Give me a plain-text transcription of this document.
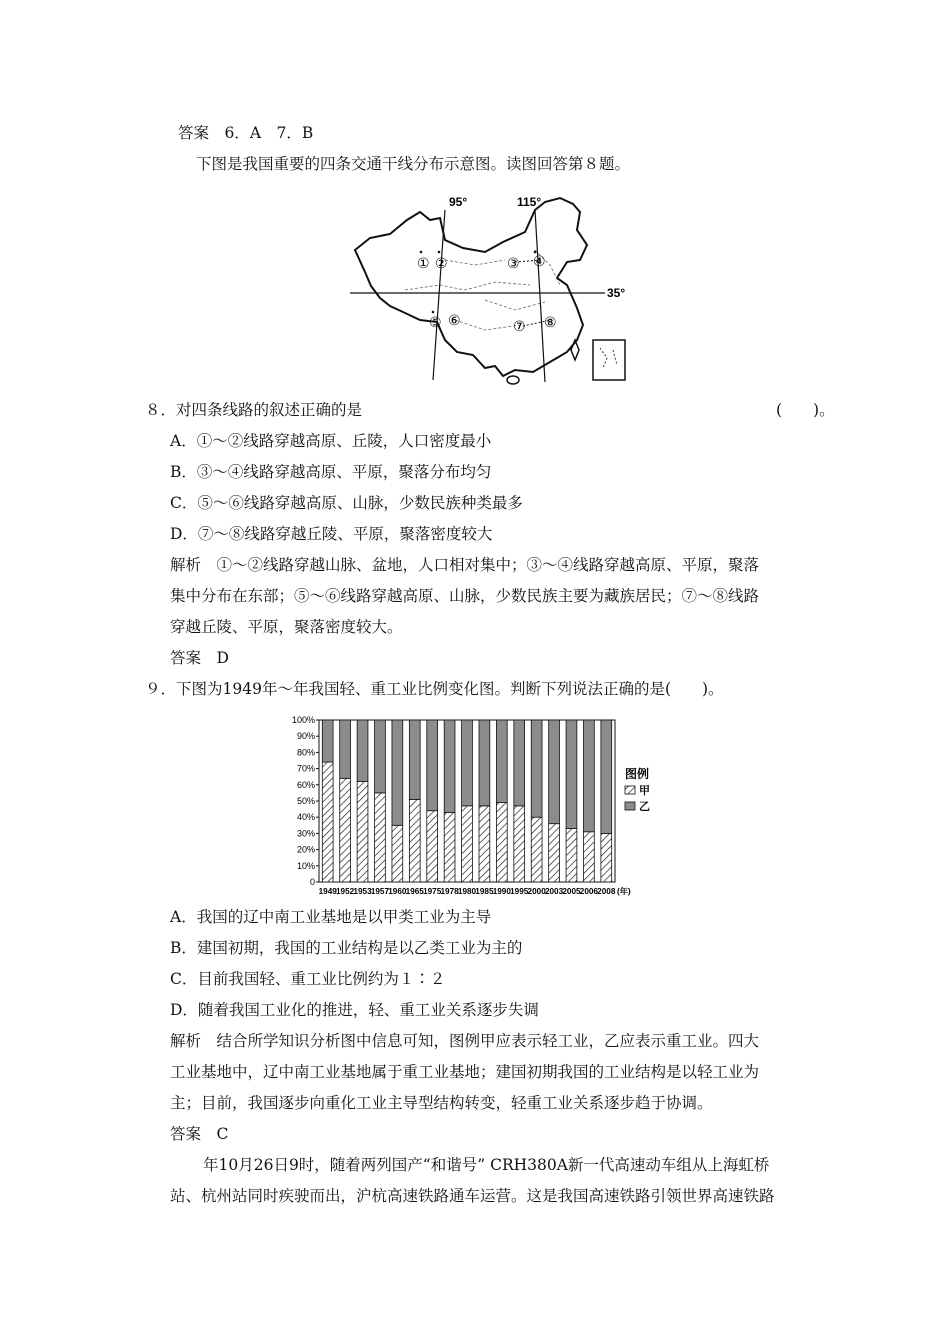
答案　6．A　7．B
下图是我国重要的四条交通干线分布示意图。读图回答第８题。
95°	115°
35°
① ②	③ ④
⑤ ⑥	⑦ ⑧
８．对四条线路的叙述正确的是	(　　)。
A．①～②线路穿越高原、丘陵，人口密度最小
B．③～④线路穿越高原、平原，聚落分布均匀
C．⑤～⑥线路穿越高原、山脉，少数民族种类最多
D．⑦～⑧线路穿越丘陵、平原，聚落密度较大
解析　①～②线路穿越山脉、盆地，人口相对集中；③～④线路穿越高原、平原，聚落
集中分布在东部；⑤～⑥线路穿越高原、山脉，少数民族主要为藏族居民；⑦～⑧线路
穿越丘陵、平原，聚落密度较大。
答案　D
９．下图为1949年～年我国轻、重工业比例变化图。判断下列说法正确的是(　　)。
0
10%
20%
30%
40%
50%
60%
70%
80%
90%
100%
1949 1952 1953 1957 1960 1965 1975 1978 1980 1985 1990 1995 2000 2003 2005 2006 2008 (年)
图例
甲
乙
A．我国的辽中南工业基地是以甲类工业为主导
B．建国初期，我国的工业结构是以乙类工业为主的
C．目前我国轻、重工业比例约为１∶２
D．随着我国工业化的推进，轻、重工业关系逐步失调
解析　结合所学知识分析图中信息可知，图例甲应表示轻工业，乙应表示重工业。四大
工业基地中，辽中南工业基地属于重工业基地；建国初期我国的工业结构是以轻工业为
主；目前，我国逐步向重化工业主导型结构转变，轻重工业关系逐步趋于协调。
答案　C
年10月26日9时，随着两列国产“和谐号” CRH380A新一代高速动车组从上海虹桥
站、杭州站同时疾驶而出，沪杭高速铁路通车运营。这是我国高速铁路引领世界高速铁路
